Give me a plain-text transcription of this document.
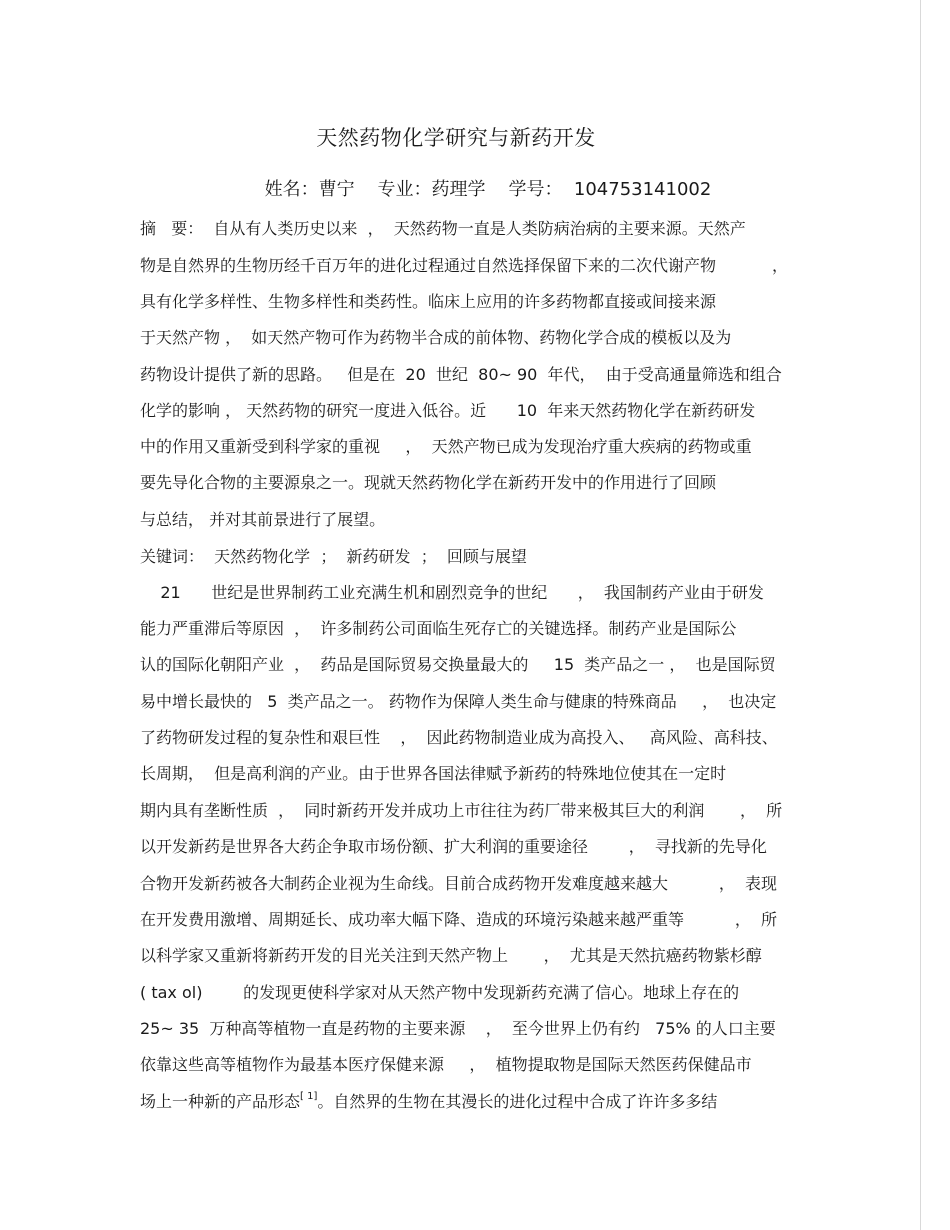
天然药物化学研究与新药开发
姓名：曹宁    专业：药理学    学号：  104753141002
摘   要：  自从有人类历史以来  ，  天然药物一直是人类防病治病的主要来源。天然产
物是自然界的生物历经千百万年的进化过程通过自然选择保留下来的二次代谢产物           ，
具有化学多样性、生物多样性和类药性。临床上应用的许多药物都直接或间接来源
于天然产物 ，  如天然产物可作为药物半合成的前体物、药物化学合成的模板以及为
药物设计提供了新的思路。   但是在  20  世纪  80~ 90  年代，  由于受高通量筛选和组合
化学的影响 ， 天然药物的研究一度进入低谷。近      10  年来天然药物化学在新药研发
中的作用又重新受到科学家的重视     ，  天然产物已成为发现治疗重大疾病的药物或重
要先导化合物的主要源泉之一。现就天然药物化学在新药开发中的作用进行了回顾
与总结， 并对其前景进行了展望。
关键词：  天然药物化学  ；  新药研发  ；  回顾与展望
21      世纪是世界制药工业充满生机和剧烈竞争的世纪      ，  我国制药产业由于研发
能力严重滞后等原因  ，  许多制药公司面临生死存亡的关键选择。制药产业是国际公
认的国际化朝阳产业  ，  药品是国际贸易交换量最大的     15  类产品之一 ，  也是国际贸
易中增长最快的   5  类产品之一。 药物作为保障人类生命与健康的特殊商品     ，  也决定
了药物研发过程的复杂性和艰巨性    ，  因此药物制造业成为高投入、   高风险、高科技、
长周期，  但是高利润的产业。由于世界各国法律赋予新药的特殊地位使其在一定时
期内具有垄断性质  ，  同时新药开发并成功上市往往为药厂带来极其巨大的利润       ，  所
以开发新药是世界各大药企争取市场份额、扩大利润的重要途径        ，  寻找新的先导化
合物开发新药被各大制药企业视为生命线。目前合成药物开发难度越来越大          ，  表现
在开发费用激增、周期延长、成功率大幅下降、造成的环境污染越来越严重等          ，  所
以科学家又重新将新药开发的目光关注到天然产物上       ，  尤其是天然抗癌药物紫杉醇
( tax ol)        的发现更使科学家对从天然产物中发现新药充满了信心。地球上存在的
25~ 35  万种高等植物一直是药物的主要来源    ，  至今世界上仍有约   75% 的人口主要
依靠这些高等植物作为最基本医疗保健来源     ，  植物提取物是国际天然医药保健品市
场上一种新的产品形态[ 1]。自然界的生物在其漫长的进化过程中合成了许许多多结
